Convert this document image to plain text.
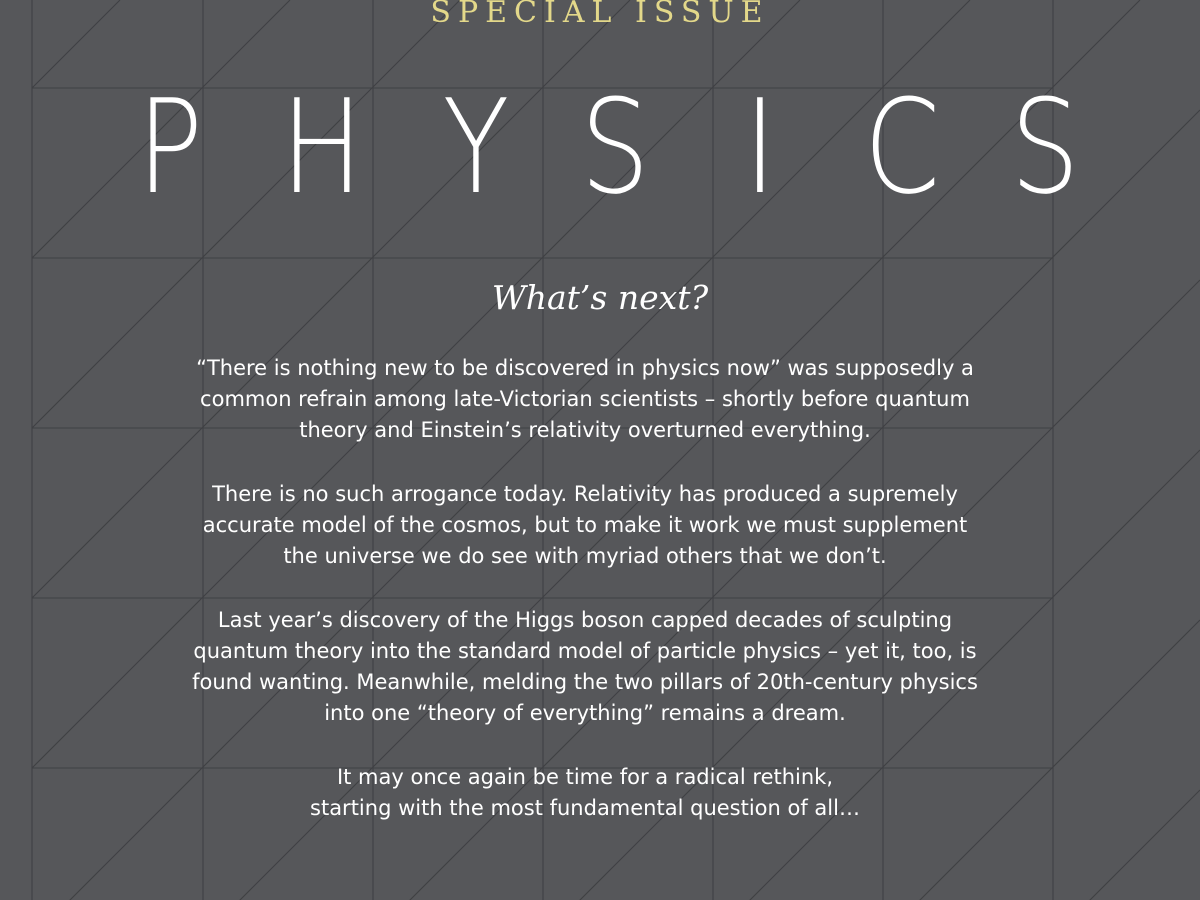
SPECIAL ISSUE
P H Y S I C S
What’s next?

“There is nothing new to be discovered in physics now” was supposedly a
common refrain among late-Victorian scientists – shortly before quantum
theory and Einstein’s relativity overturned everything.

There is no such arrogance today. Relativity has produced a supremely
accurate model of the cosmos, but to make it work we must supplement
the universe we do see with myriad others that we don’t.

Last year’s discovery of the Higgs boson capped decades of sculpting
quantum theory into the standard model of particle physics – yet it, too, is
found wanting. Meanwhile, melding the two pillars of 20th-century physics
into one “theory of everything” remains a dream.

It may once again be time for a radical rethink,
starting with the most fundamental question of all…
